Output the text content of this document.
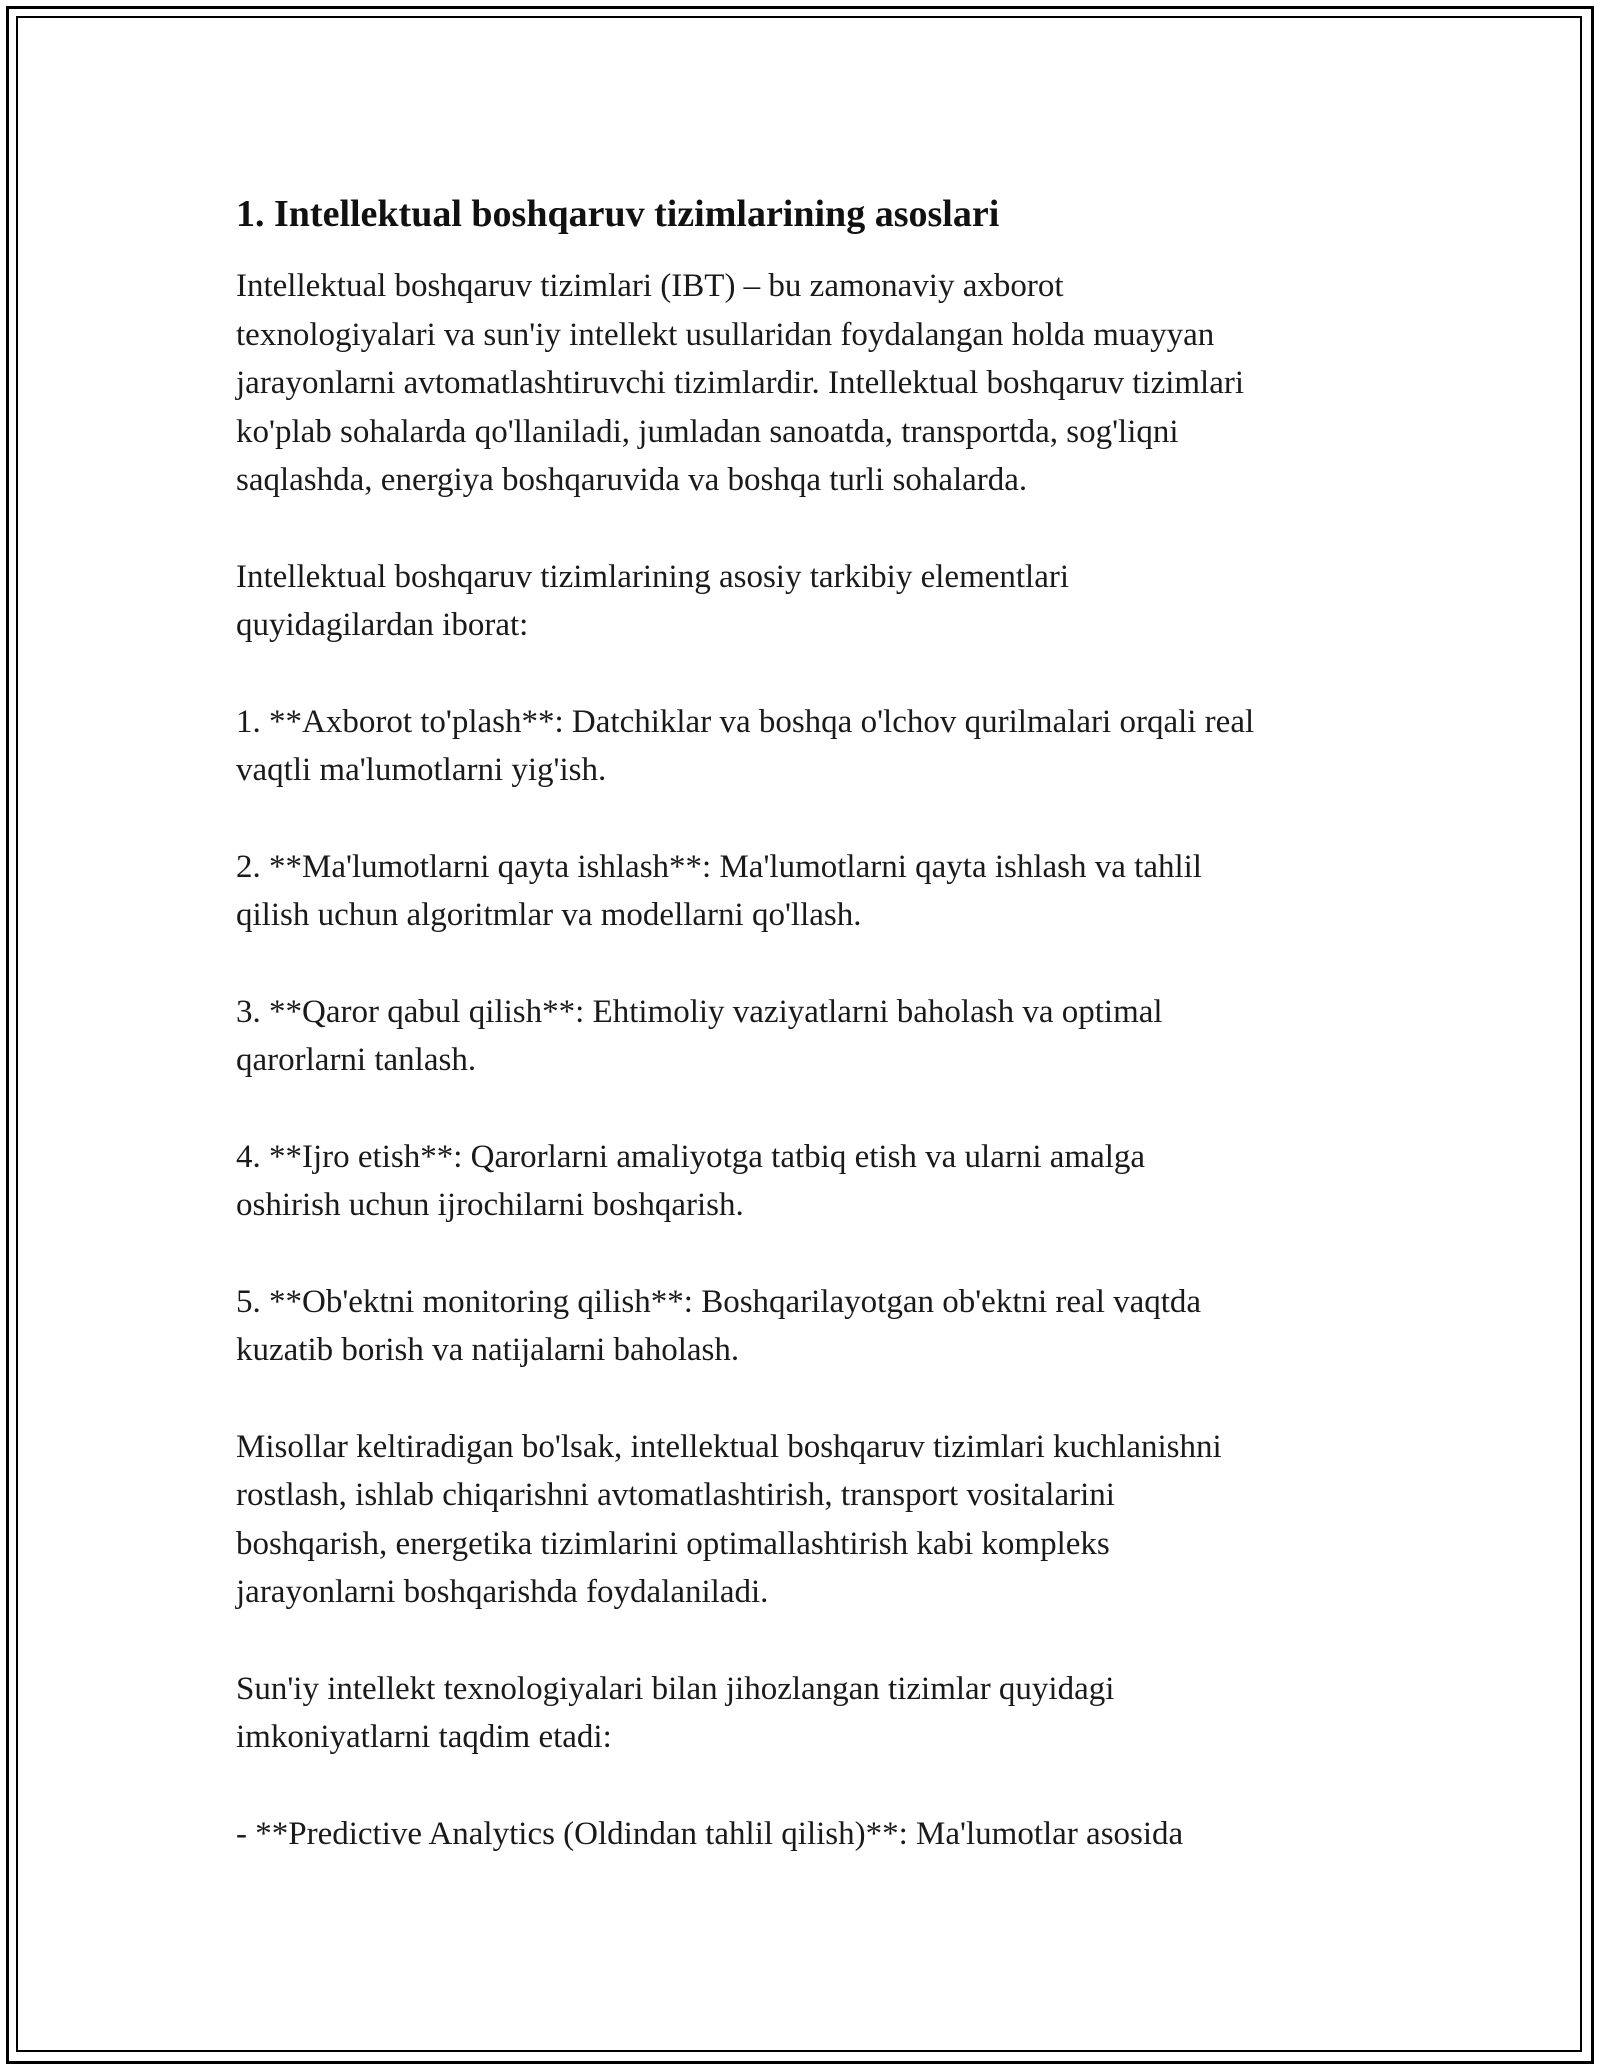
1. Intellektual boshqaruv tizimlarining asoslari

Intellektual boshqaruv tizimlari (IBT) – bu zamonaviy axborot
texnologiyalari va sun'iy intellekt usullaridan foydalangan holda muayyan
jarayonlarni avtomatlashtiruvchi tizimlardir. Intellektual boshqaruv tizimlari
ko'plab sohalarda qo'llaniladi, jumladan sanoatda, transportda, sog'liqni
saqlashda, energiya boshqaruvida va boshqa turli sohalarda.

Intellektual boshqaruv tizimlarining asosiy tarkibiy elementlari
quyidagilardan iborat:

1. **Axborot to'plash**: Datchiklar va boshqa o'lchov qurilmalari orqali real
vaqtli ma'lumotlarni yig'ish.

2. **Ma'lumotlarni qayta ishlash**: Ma'lumotlarni qayta ishlash va tahlil
qilish uchun algoritmlar va modellarni qo'llash.

3. **Qaror qabul qilish**: Ehtimoliy vaziyatlarni baholash va optimal
qarorlarni tanlash.

4. **Ijro etish**: Qarorlarni amaliyotga tatbiq etish va ularni amalga
oshirish uchun ijrochilarni boshqarish.

5. **Ob'ektni monitoring qilish**: Boshqarilayotgan ob'ektni real vaqtda
kuzatib borish va natijalarni baholash.

Misollar keltiradigan bo'lsak, intellektual boshqaruv tizimlari kuchlanishni
rostlash, ishlab chiqarishni avtomatlashtirish, transport vositalarini
boshqarish, energetika tizimlarini optimallashtirish kabi kompleks
jarayonlarni boshqarishda foydalaniladi.

Sun'iy intellekt texnologiyalari bilan jihozlangan tizimlar quyidagi
imkoniyatlarni taqdim etadi:

- **Predictive Analytics (Oldindan tahlil qilish)**: Ma'lumotlar asosida
